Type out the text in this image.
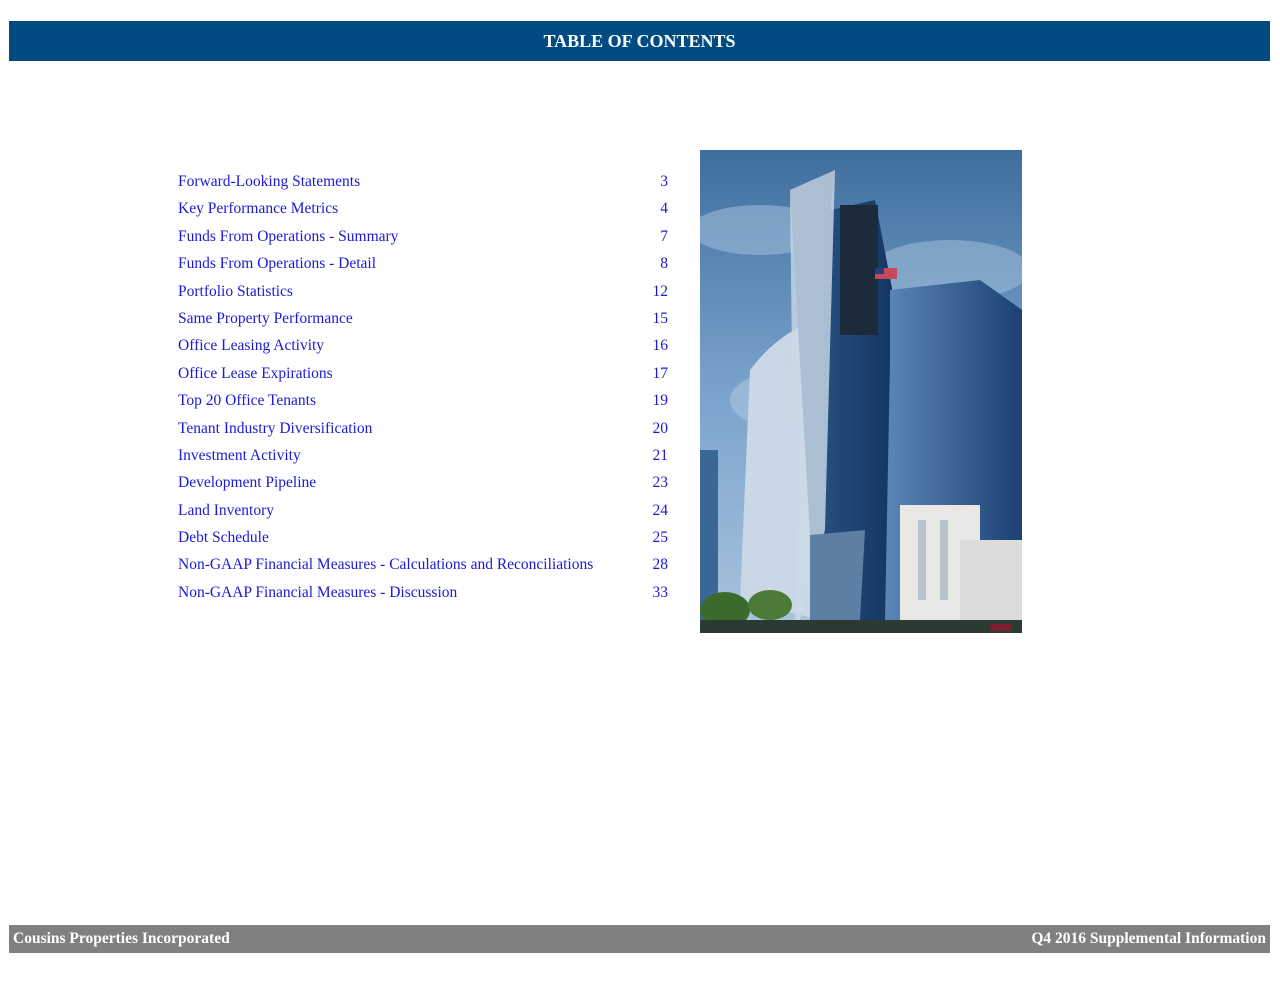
TABLE OF CONTENTS
Forward-Looking Statements	3
Key Performance Metrics	4
Funds From Operations - Summary	7
Funds From Operations - Detail	8
Portfolio Statistics	12
Same Property Performance	15
Office Leasing Activity	16
Office Lease Expirations	17
Top 20 Office Tenants	19
Tenant Industry Diversification	20
Investment Activity	21
Development Pipeline	23
Land Inventory	24
Debt Schedule	25
Non-GAAP Financial Measures - Calculations and Reconciliations	28
Non-GAAP Financial Measures - Discussion	33
Cousins Properties Incorporated	Q4 2016 Supplemental Information
